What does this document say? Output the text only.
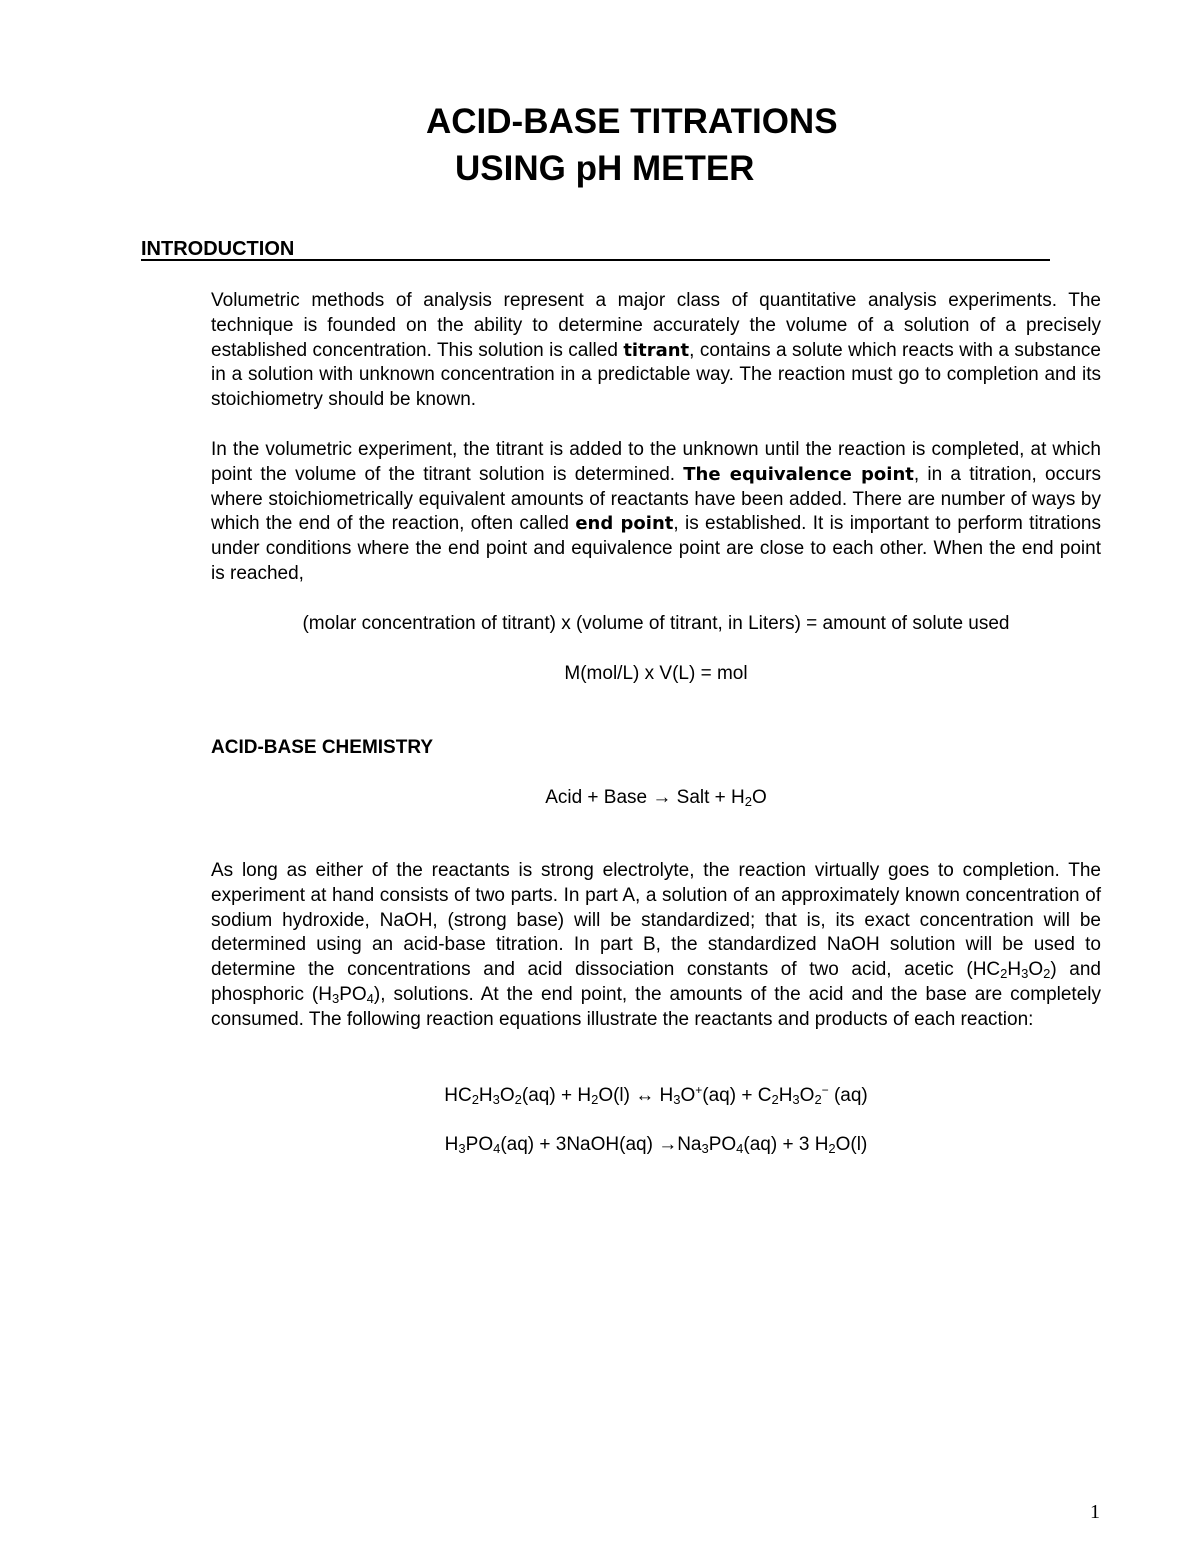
ACID-BASE TITRATIONS
USING pH METER
INTRODUCTION

Volumetric methods of analysis represent a major class of quantitative analysis experiments. The technique is founded on the ability to determine accurately the volume of a solution of a precisely established concentration. This solution is called titrant, contains a solute which reacts with a substance in a solution with unknown concentration in a predictable way. The reaction must go to completion and its stoichiometry should be known.

In the volumetric experiment, the titrant is added to the unknown until the reaction is completed, at which point the volume of the titrant solution is determined. The equivalence point, in a titration, occurs where stoichiometrically equivalent amounts of reactants have been added. There are number of ways by which the end of the reaction, often called end point, is established. It is important to perform titrations under conditions where the end point and equivalence point are close to each other. When the end point is reached,

(molar concentration of titrant) x (volume of titrant, in Liters) = amount of solute used
M(mol/L) x V(L) = mol
ACID-BASE CHEMISTRY
Acid + Base → Salt + $H_2O$

As long as either of the reactants is strong electrolyte, the reaction virtually goes to completion. The experiment at hand consists of two parts. In part A, a solution of an approximately known concentration of sodium hydroxide, NaOH, (strong base) will be standardized; that is, its exact concentration will be determined using an acid-base titration. In part B, the standardized NaOH solution will be used to determine the concentrations and acid dissociation constants of two acid, acetic $(HC_2H_3O_2)$ and phosphoric $(H_3PO_4)$, solutions. At the end point, the amounts of the acid and the base are completely consumed. The following reaction equations illustrate the reactants and products of each reaction:

$HC_2H_3O_2(aq) + H_2O(l)$ ↔ $H_3O^+(aq) + C_2H_3O_2^-$ (aq)
$H_3PO_4(aq)$ + 3NaOH(aq) $\to Na_3PO_4(aq) + 3$ $H_2O(l)$
1
